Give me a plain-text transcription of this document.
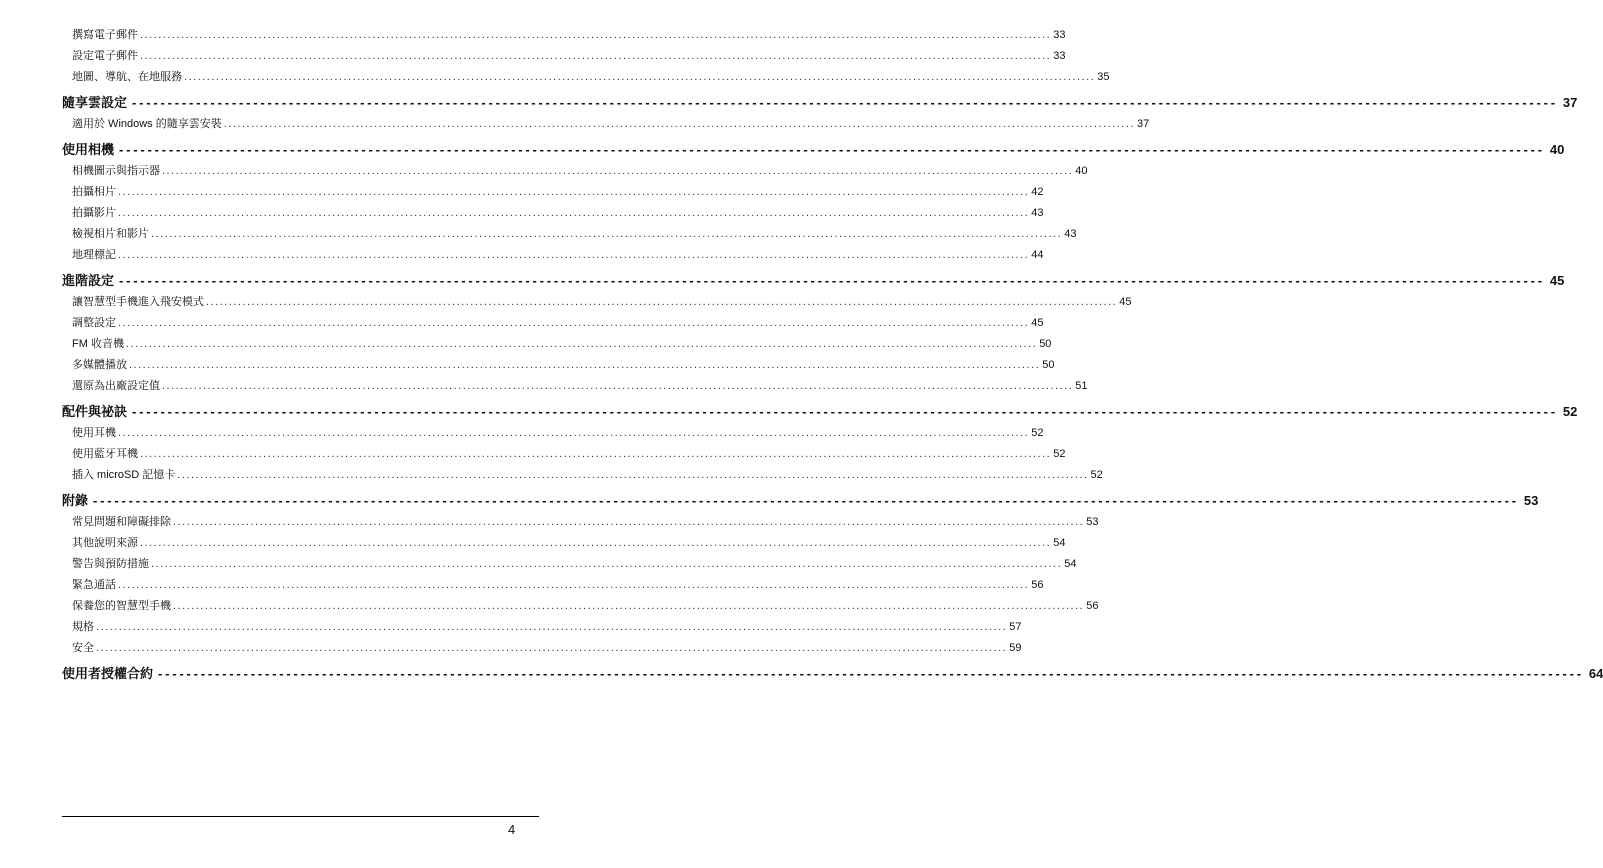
撰寫電子郵件 ........................................................................................................................................................................................................ 33
設定電子郵件 ........................................................................................................................................................................................................ 33
地圖、導航、在地服務 ........................................................................................................................................................................................................ 35
隨享雲設定 -------------------------------------------------------------------------------------------------------------------------------------------------------------------------------------------------------- 37
適用於 Windows 的隨享雲安裝 ........................................................................................................................................................................................................ 37
使用相機 -------------------------------------------------------------------------------------------------------------------------------------------------------------------------------------------------------- 40
相機圖示與指示器 ........................................................................................................................................................................................................ 40
拍攝相片 ........................................................................................................................................................................................................ 42
拍攝影片 ........................................................................................................................................................................................................ 43
檢視相片和影片 ........................................................................................................................................................................................................ 43
地理標記 ........................................................................................................................................................................................................ 44
進階設定 -------------------------------------------------------------------------------------------------------------------------------------------------------------------------------------------------------- 45
讓智慧型手機進入飛安模式 ........................................................................................................................................................................................................ 45
調整設定 ........................................................................................................................................................................................................ 45
FM 收音機 ........................................................................................................................................................................................................ 50
多媒體播放 ........................................................................................................................................................................................................ 50
還原為出廠設定值 ........................................................................................................................................................................................................ 51
配件與祕訣 -------------------------------------------------------------------------------------------------------------------------------------------------------------------------------------------------------- 52
使用耳機 ........................................................................................................................................................................................................ 52
使用藍牙耳機 ........................................................................................................................................................................................................ 52
插入 microSD 記憶卡 ........................................................................................................................................................................................................ 52
附錄 -------------------------------------------------------------------------------------------------------------------------------------------------------------------------------------------------------- 53
常見問題和障礙排除 ........................................................................................................................................................................................................ 53
其他說明來源 ........................................................................................................................................................................................................ 54
警告與預防措施 ........................................................................................................................................................................................................ 54
緊急通話 ........................................................................................................................................................................................................ 56
保養您的智慧型手機 ........................................................................................................................................................................................................ 56
規格 ........................................................................................................................................................................................................ 57
安全 ........................................................................................................................................................................................................ 59
使用者授權合約 -------------------------------------------------------------------------------------------------------------------------------------------------------------------------------------------------------- 64
4
